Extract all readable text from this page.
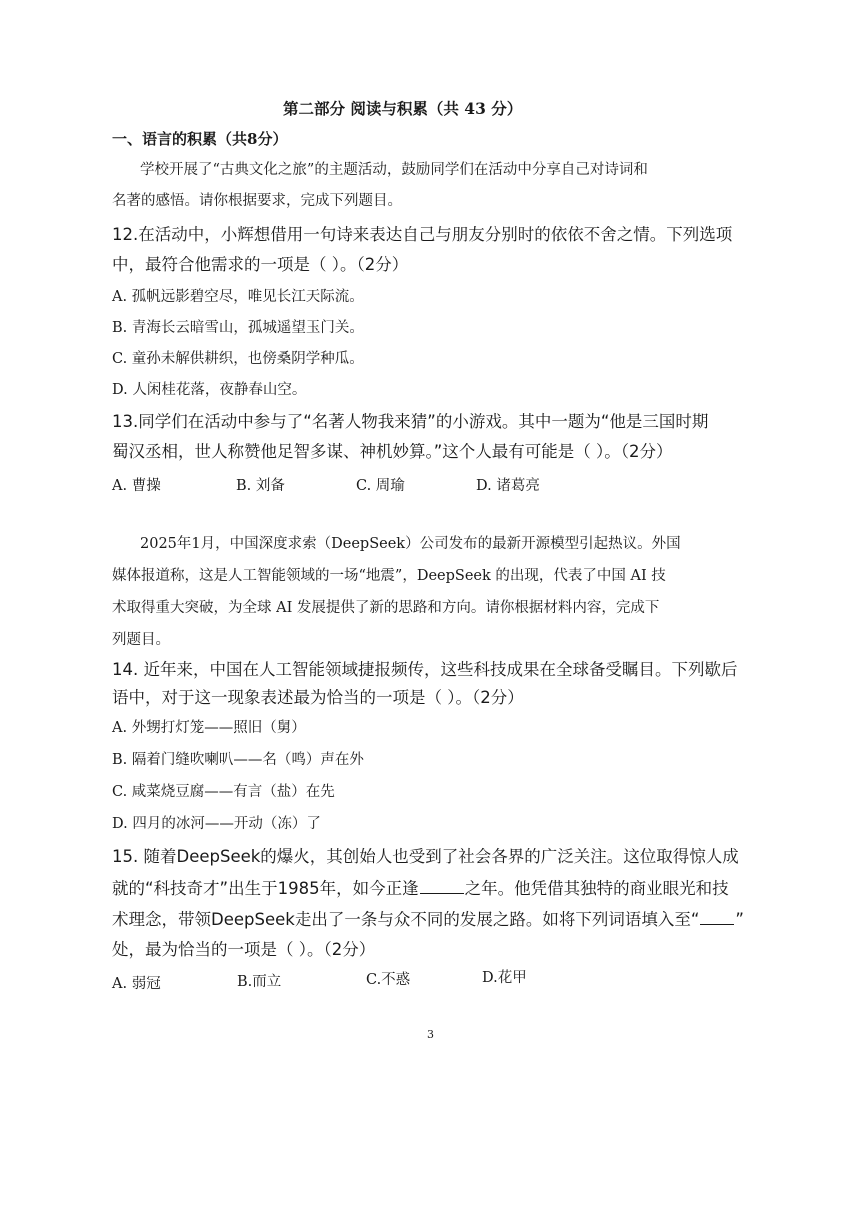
第二部分 阅读与积累（共 43 分）
一、语言的积累（共8分）
学校开展了“古典文化之旅”的主题活动，鼓励同学们在活动中分享自己对诗词和
名著的感悟。请你根据要求，完成下列题目。
12.在活动中，小辉想借用一句诗来表达自己与朋友分别时的依依不舍之情。下列选项
中，最符合他需求的一项是（ ）。（2分）
A. 孤帆远影碧空尽，唯见长江天际流。
B. 青海长云暗雪山，孤城遥望玉门关。
C. 童孙未解供耕织，也傍桑阴学种瓜。
D. 人闲桂花落，夜静春山空。
13.同学们在活动中参与了“名著人物我来猜”的小游戏。其中一题为“他是三国时期
蜀汉丞相，世人称赞他足智多谋、神机妙算。”这个人最有可能是（ ）。（2分）
A. 曹操	B. 刘备	C. 周瑜	D. 诸葛亮
2025年1月，中国深度求索（DeepSeek）公司发布的最新开源模型引起热议。外国
媒体报道称，这是人工智能领域的一场“地震”，DeepSeek 的出现，代表了中国 AI 技
术取得重大突破，为全球 AI 发展提供了新的思路和方向。请你根据材料内容，完成下
列题目。
14. 近年来，中国在人工智能领域捷报频传，这些科技成果在全球备受瞩目。下列歇后
语中，对于这一现象表述最为恰当的一项是（ ）。（2分）
A. 外甥打灯笼——照旧（舅）
B. 隔着门缝吹喇叭——名（鸣）声在外
C. 咸菜烧豆腐——有言（盐）在先
D. 四月的冰河——开动（冻）了
15. 随着DeepSeek的爆火，其创始人也受到了社会各界的广泛关注。这位取得惊人成
就的“科技奇才”出生于1985年，如今正逢	之年。他凭借其独特的商业眼光和技
术理念，带领DeepSeek走出了一条与众不同的发展之路。如将下列词语填入至“ ”
处，最为恰当的一项是（ ）。（2分）
A. 弱冠	B.而立	C.不惑	D.花甲
3
